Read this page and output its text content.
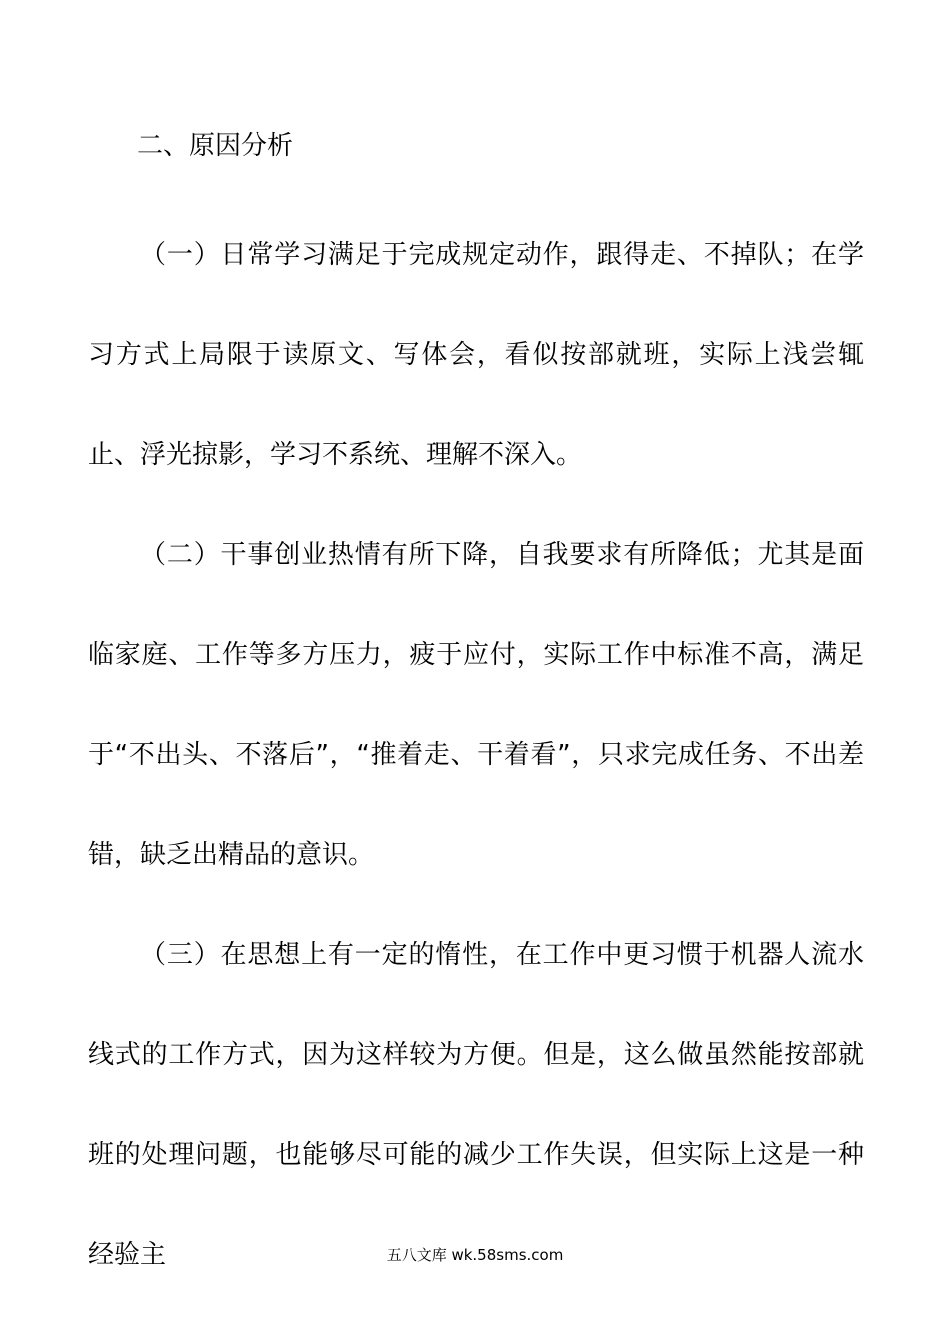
二、原因分析

（一）日常学习满足于完成规定动作，跟得走、不掉队；在学习方式上局限于读原文、写体会，看似按部就班，实际上浅尝辄止、浮光掠影，学习不系统、理解不深入。

（二）干事创业热情有所下降，自我要求有所降低；尤其是面临家庭、工作等多方压力，疲于应付，实际工作中标准不高，满足于“不出头、不落后”，“推着走、干着看”，只求完成任务、不出差错，缺乏出精品的意识。

（三）在思想上有一定的惰性，在工作中更习惯于机器人流水线式的工作方式，因为这样较为方便。但是，这么做虽然能按部就班的处理问题，也能够尽可能的减少工作失误，但实际上这是一种经验主	五八文库 wk.58sms.com
